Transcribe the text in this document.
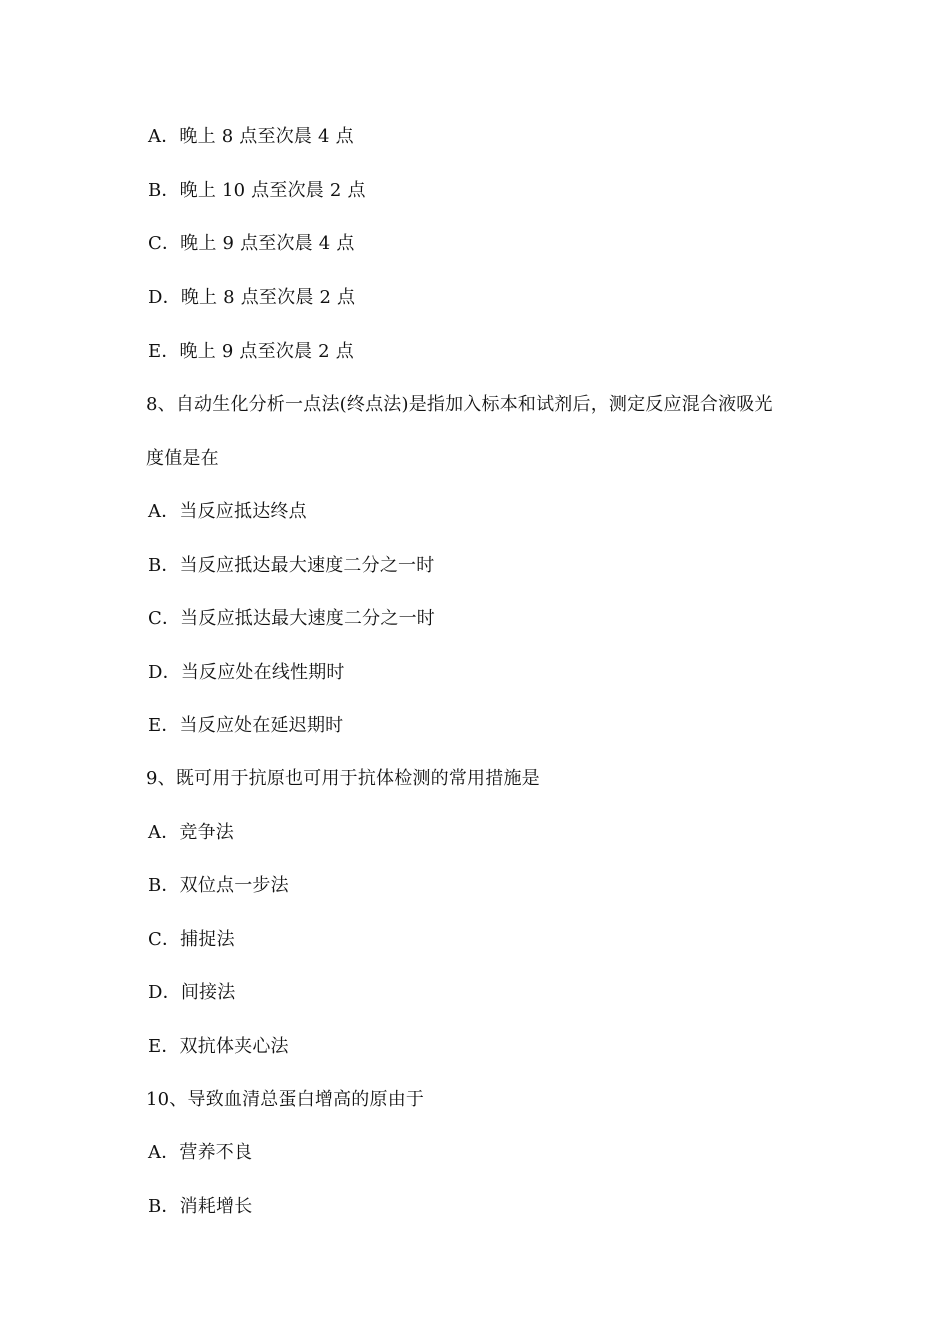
A．晚上 8 点至次晨 4 点
B．晚上 10 点至次晨 2 点
C．晚上 9 点至次晨 4 点
D．晚上 8 点至次晨 2 点
E．晚上 9 点至次晨 2 点
8、自动生化分析一点法(终点法)是指加入标本和试剂后，测定反应混合液吸光
度值是在
A．当反应抵达终点
B．当反应抵达最大速度二分之一时
C．当反应抵达最大速度二分之一时
D．当反应处在线性期时
E．当反应处在延迟期时
9、既可用于抗原也可用于抗体检测的常用措施是
A．竞争法
B．双位点一步法
C．捕捉法
D．间接法
E．双抗体夹心法
10、导致血清总蛋白增高的原由于
A．营养不良
B．消耗增长
